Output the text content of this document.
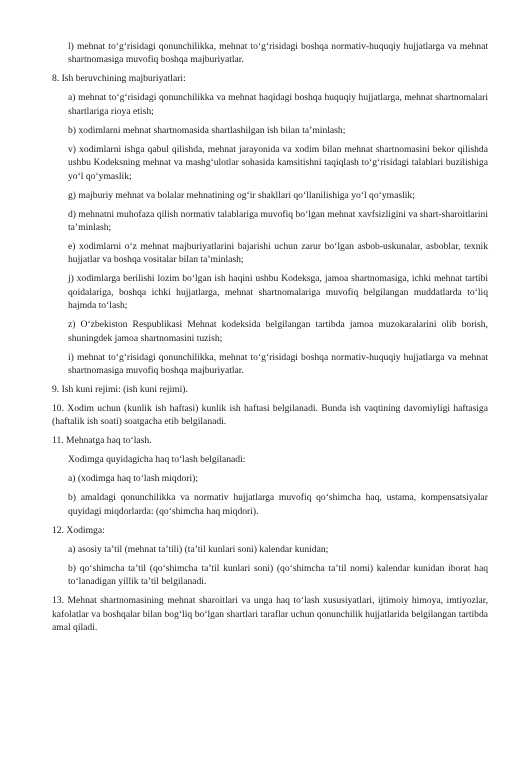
l) mehnat to‘g‘risidagi qonunchilikka, mehnat to‘g‘risidagi boshqa normativ-huquqiy hujjatlarga va mehnat shartnomasiga muvofiq boshqa majburiyatlar.

8. Ish beruvchining majburiyatlari:

a) mehnat to‘g‘risidagi qonunchilikka va mehnat haqidagi boshqa huquqiy hujjatlarga, mehnat shartnomalari shartlariga rioya etish;

b) xodimlarni mehnat shartnomasida shartlashilgan ish bilan ta’minlash;

v) xodimlarni ishga qabul qilishda, mehnat jarayonida va xodim bilan mehnat shartnomasini bekor qilishda ushbu Kodeksning mehnat va mashg‘ulotlar sohasida kamsitishni taqiqlash to‘g‘risidagi talablari buzilishiga yo‘l qo‘ymaslik;

g) majburiy mehnat va bolalar mehnatining og‘ir shakllari qo‘llanilishiga yo‘l qo‘ymaslik;

d) mehnatni muhofaza qilish normativ talablariga muvofiq bo‘lgan mehnat xavfsizligini va shart-sharoitlarini ta’minlash;

e) xodimlarni o‘z mehnat majburiyatlarini bajarishi uchun zarur bo‘lgan asbob-uskunalar, asboblar, texnik hujjatlar va boshqa vositalar bilan ta’minlash;

j) xodimlarga berilishi lozim bo‘lgan ish haqini ushbu Kodeksga, jamoa shartnomasiga, ichki mehnat tartibi qoidalariga, boshqa ichki hujjatlarga, mehnat shartnomalariga muvofiq belgilangan muddatlarda to‘liq hajmda to‘lash;

z) O‘zbekiston Respublikasi Mehnat kodeksida belgilangan tartibda jamoa muzokaralarini olib borish, shuningdek jamoa shartnomasini tuzish;

i) mehnat to‘g‘risidagi qonunchilikka, mehnat to‘g‘risidagi boshqa normativ-huquqiy hujjatlarga va mehnat shartnomasiga muvofiq boshqa majburiyatlar.

9. Ish kuni rejimi: (ish kuni rejimi).

10. Xodim uchun (kunlik ish haftasi) kunlik ish haftasi belgilanadi. Bunda ish vaqtining davomiyligi haftasiga (haftalik ish soati) soatgacha etib belgilanadi.

11. Mehnatga haq to‘lash.

Xodimga quyidagicha haq to‘lash belgilanadi:

a) (xodimga haq to‘lash miqdori);

b) amaldagi qonunchilikka va normativ hujjatlarga muvofiq qo‘shimcha haq, ustama, kompensatsiyalar quyidagi miqdorlarda: (qo‘shimcha haq miqdori).

12. Xodimga:

a) asosiy ta’til (mehnat ta’tili) (ta’til kunlari soni) kalendar kunidan;

b) qo‘shimcha ta’til (qo‘shimcha ta’til kunlari soni) (qo‘shimcha ta’til nomi) kalendar kunidan iborat haq to‘lanadigan yillik ta’til belgilanadi.

13. Mehnat shartnomasining mehnat sharoitlari va unga haq to‘lash xususiyatlari, ijtimoiy himoya, imtiyozlar, kafolatlar va boshqalar bilan bog‘liq bo‘lgan shartlari taraflar uchun qonunchilik hujjatlarida belgilangan tartibda amal qiladi.
